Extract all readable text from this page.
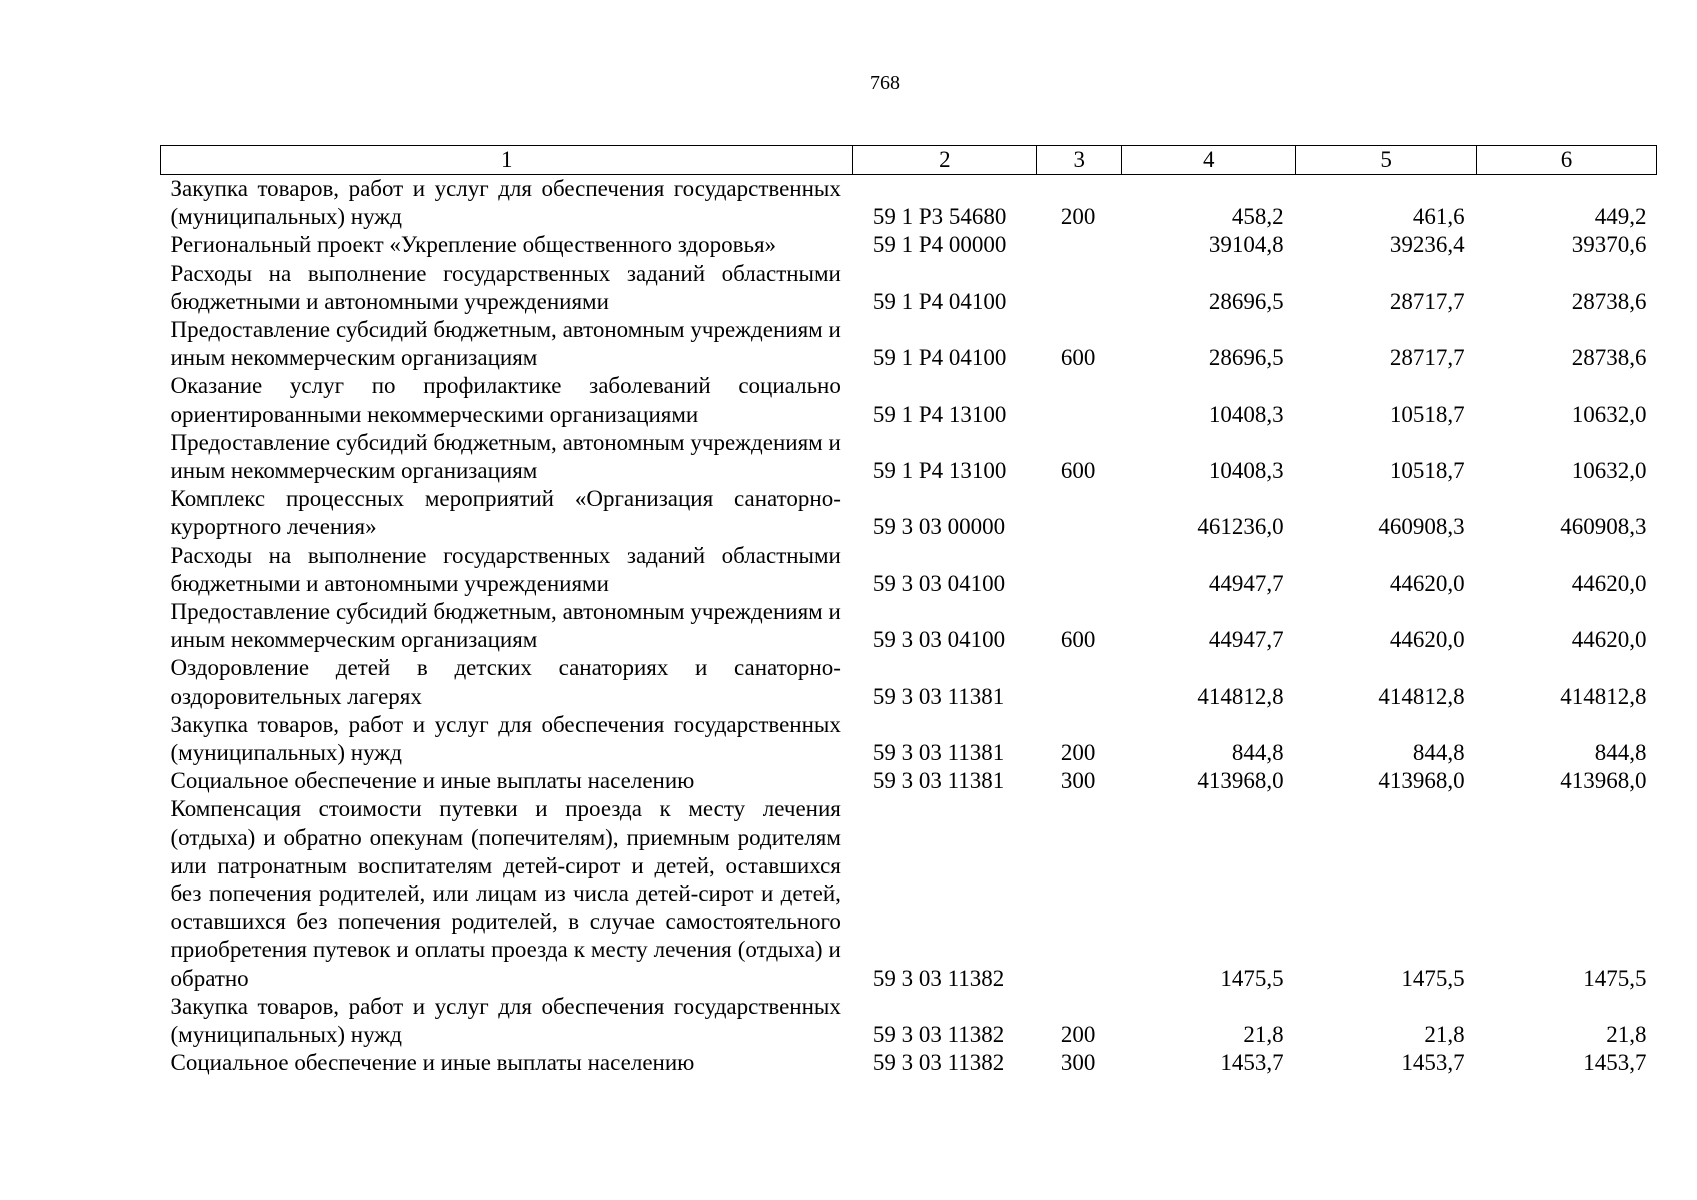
768
1	2	3	4	5	6
Закупка товаров, работ и услуг для обеспечения государственных (муниципальных) нужд	59 1 Р3 54680	200	458,2	461,6	449,2
Региональный проект «Укрепление общественного здоровья»	59 1 Р4 00000		39104,8	39236,4	39370,6
Расходы на выполнение государственных заданий областными бюджетными и автономными учреждениями	59 1 Р4 04100		28696,5	28717,7	28738,6
Предоставление субсидий бюджетным, автономным учреждениям и иным некоммерческим организациям	59 1 Р4 04100	600	28696,5	28717,7	28738,6
Оказание услуг по профилактике заболеваний социально ориентированными некоммерческими организациями	59 1 Р4 13100		10408,3	10518,7	10632,0
Предоставление субсидий бюджетным, автономным учреждениям и иным некоммерческим организациям	59 1 Р4 13100	600	10408,3	10518,7	10632,0
Комплекс процессных мероприятий «Организация санаторно-курортного лечения»	59 3 03 00000		461236,0	460908,3	460908,3
Расходы на выполнение государственных заданий областными бюджетными и автономными учреждениями	59 3 03 04100		44947,7	44620,0	44620,0
Предоставление субсидий бюджетным, автономным учреждениям и иным некоммерческим организациям	59 3 03 04100	600	44947,7	44620,0	44620,0
Оздоровление детей в детских санаториях и санаторно-оздоровительных лагерях	59 3 03 11381		414812,8	414812,8	414812,8
Закупка товаров, работ и услуг для обеспечения государственных (муниципальных) нужд	59 3 03 11381	200	844,8	844,8	844,8
Социальное обеспечение и иные выплаты населению	59 3 03 11381	300	413968,0	413968,0	413968,0
Компенсация стоимости путевки и проезда к месту лечения (отдыха) и обратно опекунам (попечителям), приемным родителям или патронатным воспитателям детей-сирот и детей, оставшихся без попечения родителей, или лицам из числа детей-сирот и детей, оставшихся без попечения родителей, в случае самостоятельного приобретения путевок и оплаты проезда к месту лечения (отдыха) и обратно	59 3 03 11382		1475,5	1475,5	1475,5
Закупка товаров, работ и услуг для обеспечения государственных (муниципальных) нужд	59 3 03 11382	200	21,8	21,8	21,8
Социальное обеспечение и иные выплаты населению	59 3 03 11382	300	1453,7	1453,7	1453,7
